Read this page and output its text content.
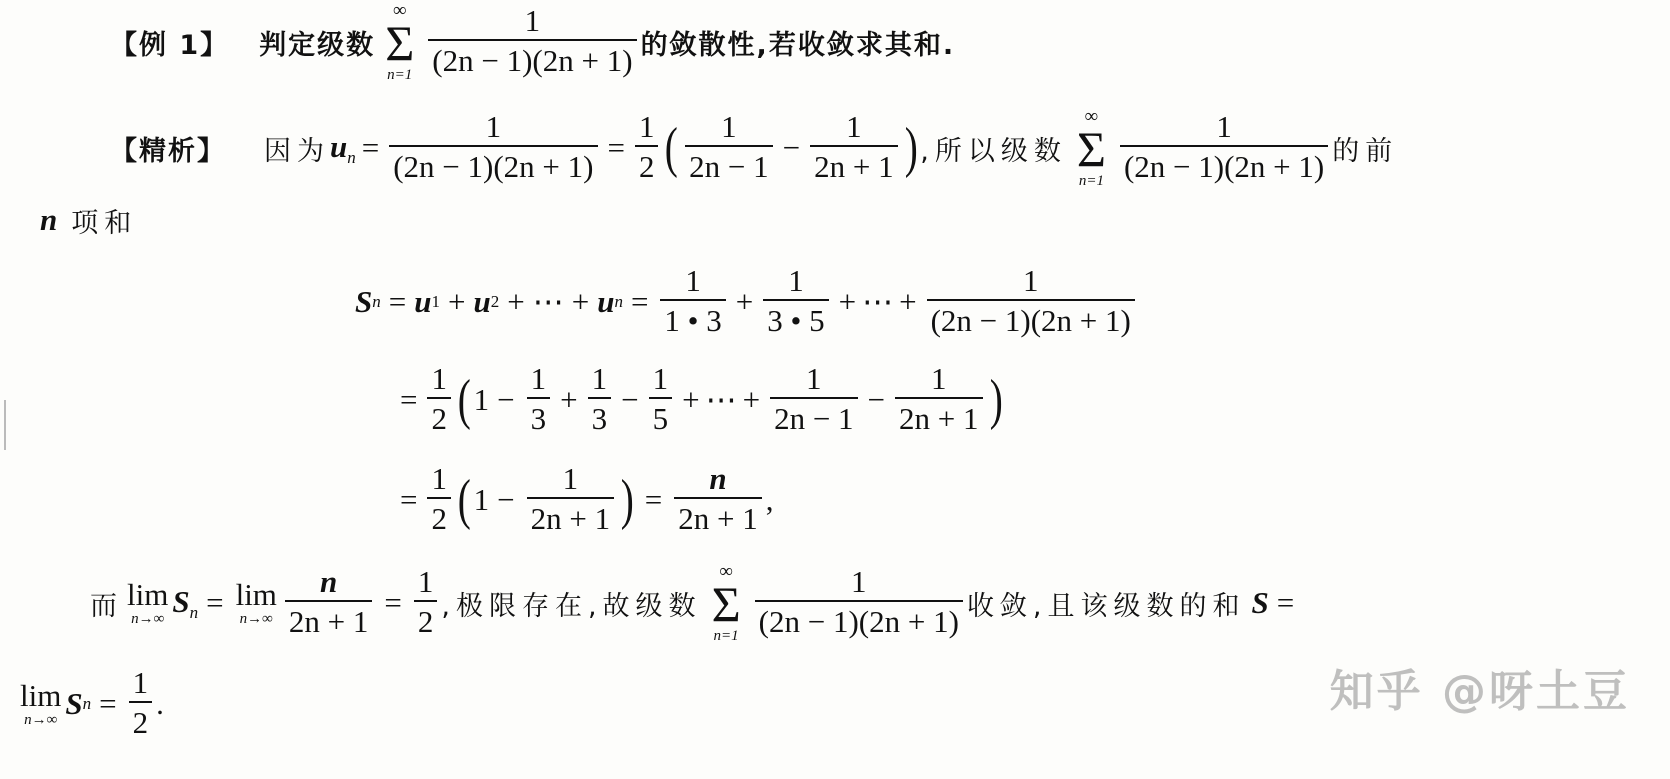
【例 1】 判定级数
∞
Σ
$n=1 \frac{1}{(2n - 1)(2n + 1)}$ 的敛散性,若收敛求其和.
【精析】 因为 un = $\frac{1}{(2n - 1)(2n + 1)} = \frac{1}{2}$ ( $\frac{1}{2n - 1} - \frac{1}{2n + 1}$ ) ,所以级数
∞
Σ
$n=1 \frac{1}{(2n - 1)(2n + 1)}$ 的前
n 项和
S n = u 1 + u 2 + ⋯ + u $n = \frac{1}{1 • 3} + \frac{1}{3 • 5}$ + ⋯ + $\frac{1}{(2n - 1)(2n + 1)}$
= $\frac{1}{2}$ ( $1 - \frac{1}{3} + \frac{1}{3} - \frac{1}{5}$ + ⋯ + $\frac{1}{2n - 1} - \frac{1}{2n + 1}$ )
= $\frac{1}{2}$ ( $1 - \frac{1}{2n + 1}$ ) = $\frac{n}{2n + 1}$ ,
而 lim
n→∞
Sn = lim
$n\to\infty \frac{n}{2n + 1} = \frac{1}{2}$ ,极限存在,故级数
∞
Σ
$n=1 \frac{1}{(2n - 1)(2n + 1)}$ 收敛,且该级数的和 S =
lim
n→∞ S $n = \frac{1}{2}$ .	知乎 @呀土豆
